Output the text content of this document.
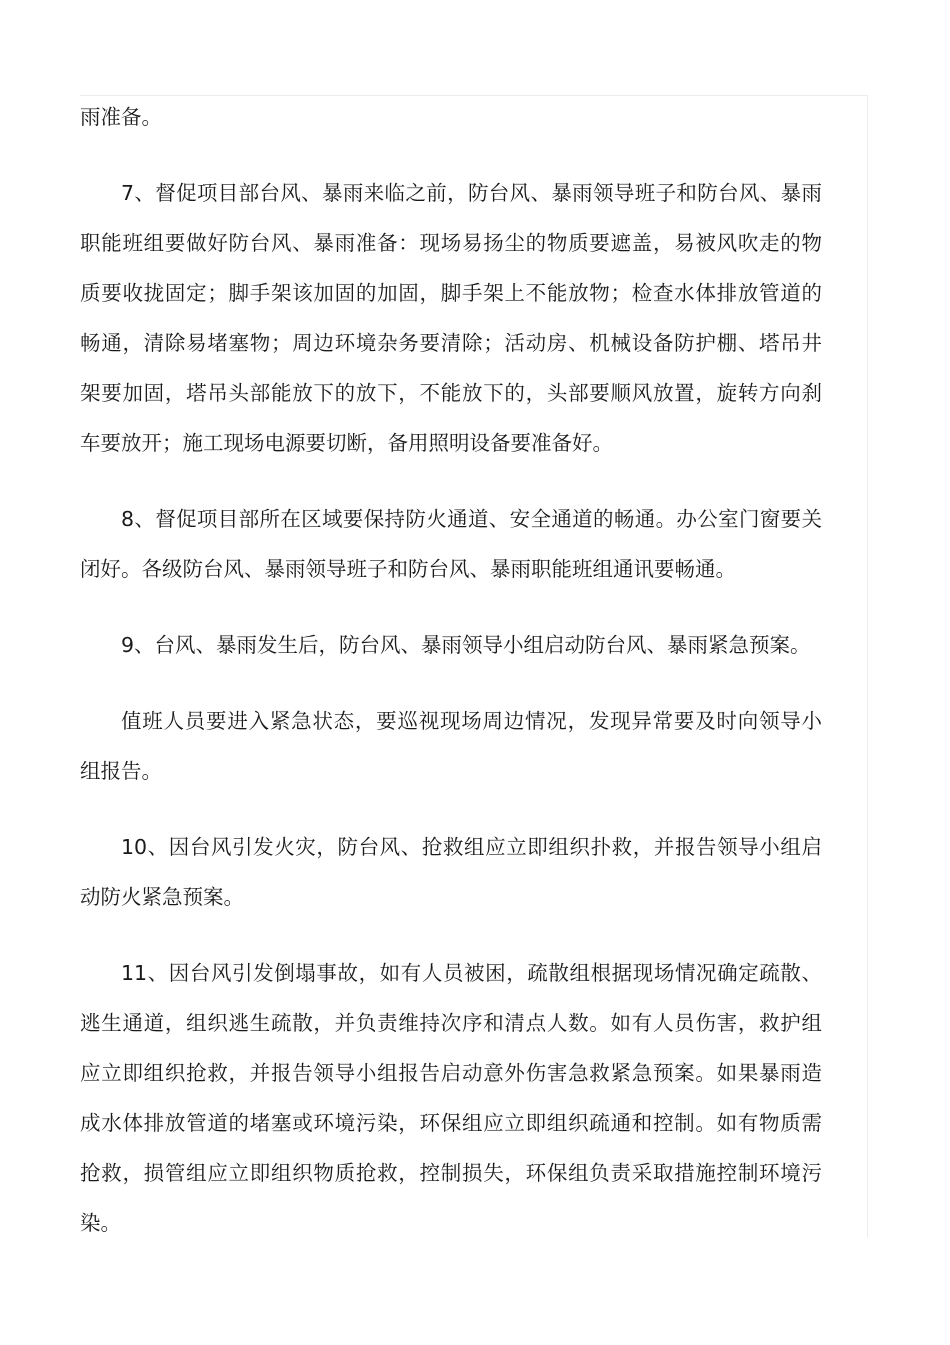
雨准备。
7、督促项目部台风、暴雨来临之前，防台风、暴雨领导班子和防台风、暴雨
职能班组要做好防台风、暴雨准备：现场易扬尘的物质要遮盖，易被风吹走的物
质要收拢固定；脚手架该加固的加固，脚手架上不能放物；检查水体排放管道的
畅通，清除易堵塞物；周边环境杂务要清除；活动房、机械设备防护棚、塔吊井
架要加固，塔吊头部能放下的放下，不能放下的，头部要顺风放置，旋转方向刹
车要放开；施工现场电源要切断，备用照明设备要准备好。
8、督促项目部所在区域要保持防火通道、安全通道的畅通。办公室门窗要关
闭好。各级防台风、暴雨领导班子和防台风、暴雨职能班组通讯要畅通。
9、台风、暴雨发生后，防台风、暴雨领导小组启动防台风、暴雨紧急预案。
值班人员要进入紧急状态，要巡视现场周边情况，发现异常要及时向领导小
组报告。
10、因台风引发火灾，防台风、抢救组应立即组织扑救，并报告领导小组启
动防火紧急预案。
11、因台风引发倒塌事故，如有人员被困，疏散组根据现场情况确定疏散、
逃生通道，组织逃生疏散，并负责维持次序和清点人数。如有人员伤害，救护组
应立即组织抢救，并报告领导小组报告启动意外伤害急救紧急预案。如果暴雨造
成水体排放管道的堵塞或环境污染，环保组应立即组织疏通和控制。如有物质需
抢救，损管组应立即组织物质抢救，控制损失，环保组负责采取措施控制环境污
染。
